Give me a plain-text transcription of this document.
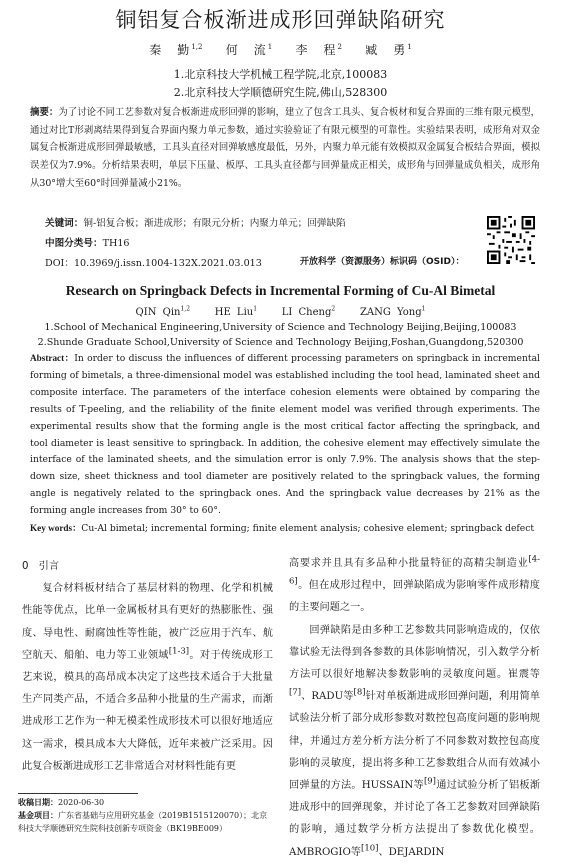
铜铝复合板渐进成形回弹缺陷研究
秦　勤$^{1,2}$ 何　流$^1$ 李　程$^2$ 臧　勇$^1$
1.北京科技大学机械工程学院,北京,100083
2.北京科技大学顺德研究生院,佛山,528300
摘要：为了讨论不同工艺参数对复合板渐进成形回弹的影响，建立了包含工具头、复合板材和复合界面的三维有限元模型，通过对比T形剥离结果得到复合界面内聚力单元参数，通过实验验证了有限元模型的可靠性。实验结果表明，成形角对双金属复合板渐进成形回弹最敏感，工具头直径对回弹敏感度最低，另外，内聚力单元能有效模拟双金属复合板结合界面，模拟误差仅为7.9%。分析结果表明，单层下压量、板厚、工具头直径都与回弹量成正相关，成形角与回弹量成负相关，成形角从30°增大至60°时回弹量减小21%。
关键词：铜-铝复合板；渐进成形；有限元分析；内聚力单元；回弹缺陷
中图分类号：TH16
DOI：10.3969/j.issn.1004-132X.2021.03.013	开放科学（资源服务）标识码（OSID）：
Research on Springback Defects in Incremental Forming of Cu-Al Bimetal
QIN Qin$^{1,2}$ HE Liu$^1$ LI Cheng$^2$ ZANG Yong$^1$
1.School of Mechanical Engineering,University of Science and Technology Beijing,Beijing,100083
2.Shunde Graduate School,University of Science and Technology Beijing,Foshan,Guangdong,520300
Abstract：In order to discuss the influences of different processing parameters on springback in incremental forming of bimetals, a three-dimensional model was established including the tool head, laminated sheet and composite interface. The parameters of the interface cohesion elements were obtained by comparing the results of T-peeling, and the reliability of the finite element model was verified through experiments. The experimental results show that the forming angle is the most critical factor affecting the springback, and tool diameter is least sensitive to springback. In addition, the cohesive element may effectively simulate the interface of the laminated sheets, and the simulation error is only 7.9%. The analysis shows that the step-down size, sheet thickness and tool diameter are positively related to the springback values, the forming angle is negatively related to the springback ones. And the springback value decreases by 21% as the forming angle increases from 30° to 60°.
Key words：Cu-Al bimetal; incremental forming; finite element analysis; cohesive element; springback defect
0　引言
复合材料板材结合了基层材料的物理、化学和机械性能等优点，比单一金属板材具有更好的热膨胀性、强度、导电性、耐腐蚀性等性能，被广泛应用于汽车、航空航天、船舶、电力等工业领域[1-3]。对于传统成形工艺来说，模具的高昂成本决定了这些技术适合于大批量生产同类产品，不适合多品种小批量的生产需求，而渐进成形工艺作为一种无模柔性成形技术可以很好地适应这一需求，模具成本大大降低，近年来被广泛采用。因此复合板渐进成形工艺非常适合对材料性能有更
高要求并且具有多品种小批量特征的高精尖制造业[4-6]。但在成形过程中，回弹缺陷成为影响零件成形精度的主要问题之一。
回弹缺陷是由多种工艺参数共同影响造成的，仅依靠试验无法得到各参数的具体影响情况，引入数学分析方法可以很好地解决参数影响的灵敏度问题。崔震等[7]、RADU等[8]针对单板渐进成形回弹问题，利用简单试验法分析了部分成形参数对数控包高度问题的影响规律，并通过方差分析方法分析了不同参数对数控包高度影响的灵敏度，提出将多种工艺参数组合从而有效减小回弹量的方法。HUSSAIN等[9]通过试验分析了铝板渐进成形中的回弹现象，并讨论了各工艺参数对回弹缺陷的影响，通过数学分析方法提出了参数优化模型。AMBROGIO等[10]、DEJARDIN
收稿日期：2020-06-30
基金项目：广东省基础与应用研究基金（2019B1515120070）；北京科技大学顺德研究生院科技创新专项资金（BK19BE009）
